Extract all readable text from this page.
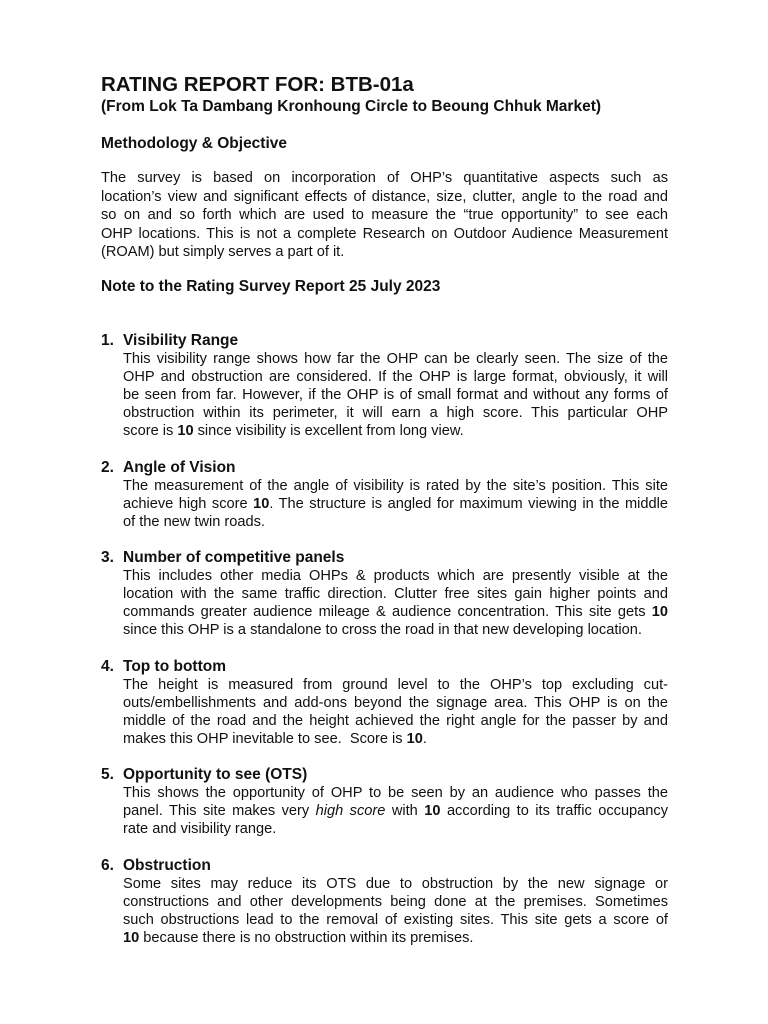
RATING REPORT FOR: BTB-01a
(From Lok Ta Dambang Kronhoung Circle to Beoung Chhuk Market)
Methodology & Objective
The survey is based on incorporation of OHP’s quantitative aspects such as
location’s view and significant effects of distance, size, clutter, angle to the road and
so on and so forth which are used to measure the “true opportunity” to see each
OHP locations. This is not a complete Research on Outdoor Audience Measurement
(ROAM) but simply serves a part of it.
Note to the Rating Survey Report 25 July 2023
1. Visibility Range
This visibility range shows how far the OHP can be clearly seen. The size of the
OHP and obstruction are considered. If the OHP is large format, obviously, it will
be seen from far. However, if the OHP is of small format and without any forms of
obstruction within its perimeter, it will earn a high score. This particular OHP
score is 10 since visibility is excellent from long view.
2. Angle of Vision
The measurement of the angle of visibility is rated by the site’s position. This site
achieve high score 10. The structure is angled for maximum viewing in the middle
of the new twin roads.
3. Number of competitive panels
This includes other media OHPs & products which are presently visible at the
location with the same traffic direction. Clutter free sites gain higher points and
commands greater audience mileage & audience concentration. This site gets 10
since this OHP is a standalone to cross the road in that new developing location.
4. Top to bottom
The height is measured from ground level to the OHP’s top excluding cut-
outs/embellishments and add-ons beyond the signage area. This OHP is on the
middle of the road and the height achieved the right angle for the passer by and
makes this OHP inevitable to see.  Score is 10.
5. Opportunity to see (OTS)
This shows the opportunity of OHP to be seen by an audience who passes the
panel. This site makes very high score with 10 according to its traffic occupancy
rate and visibility range.
6. Obstruction
Some sites may reduce its OTS due to obstruction by the new signage or
constructions and other developments being done at the premises. Sometimes
such obstructions lead to the removal of existing sites. This site gets a score of
10 because there is no obstruction within its premises.
